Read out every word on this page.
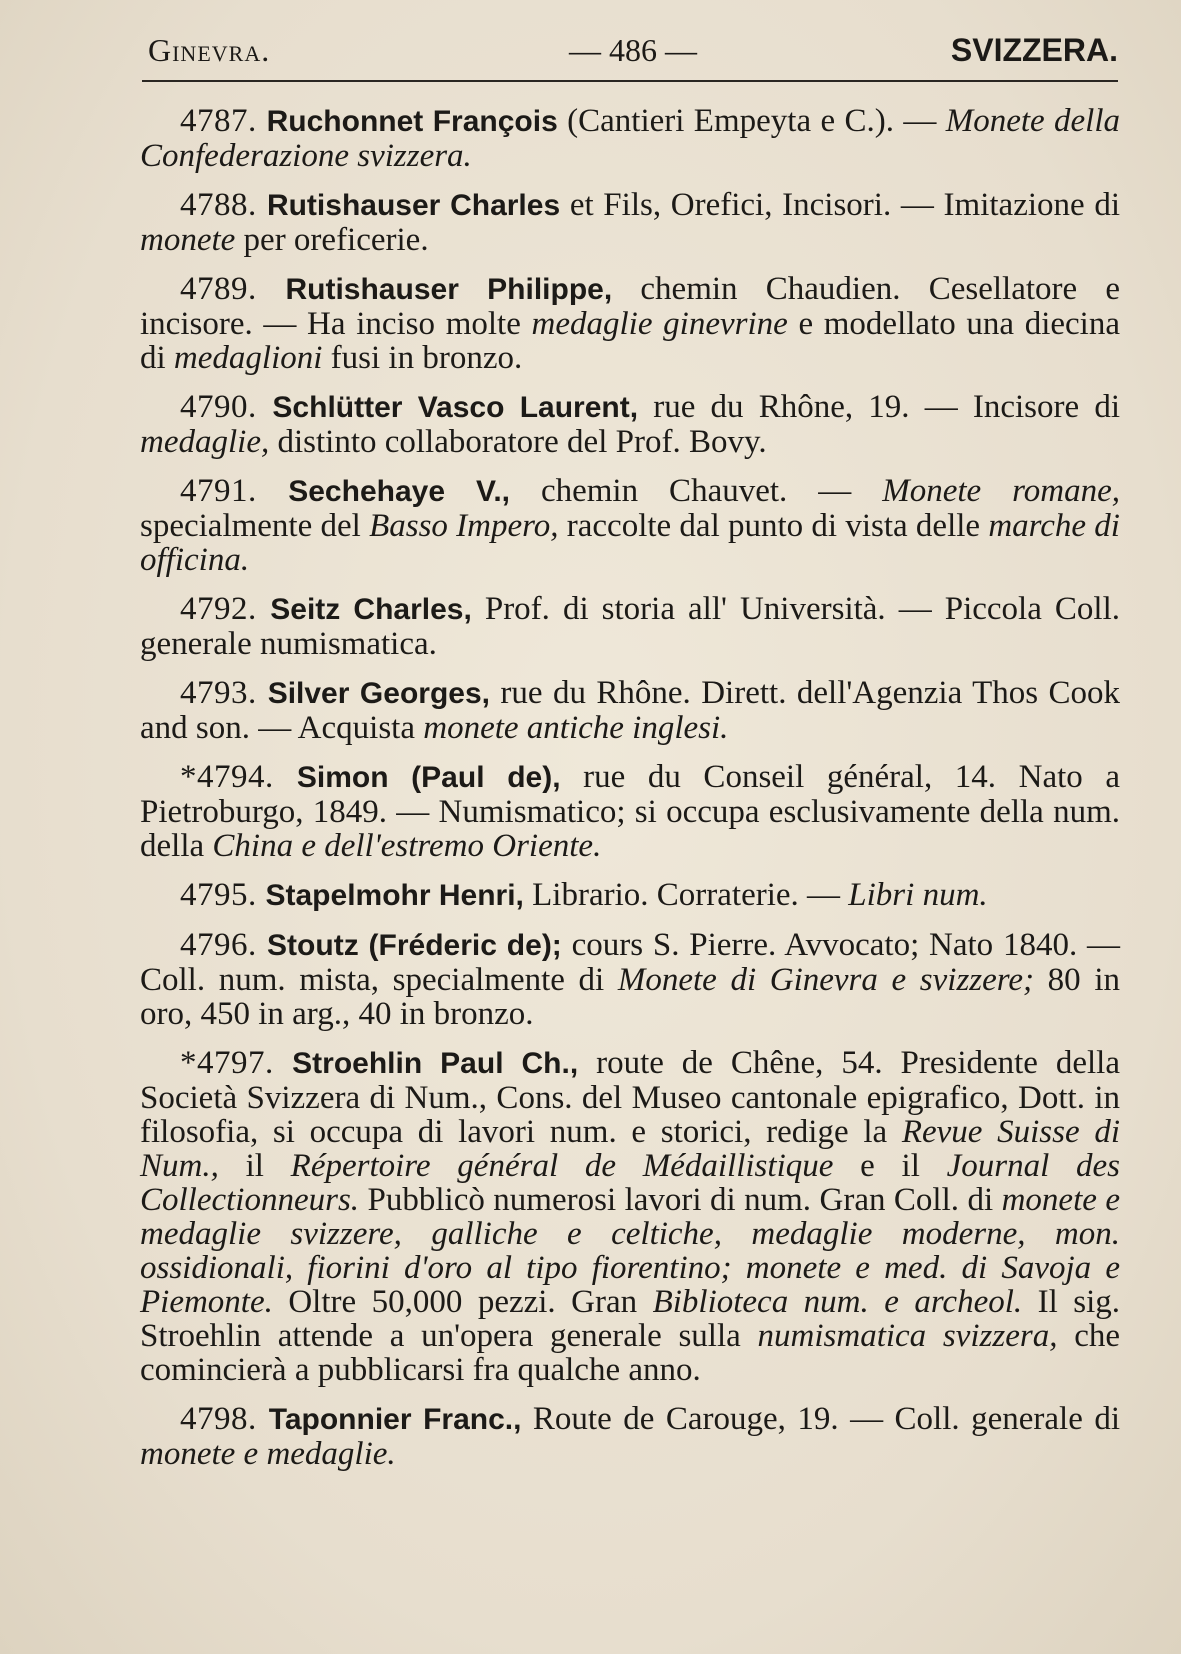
Ginevra.	— 486 —	SVIZZERA.

4787. Ruchonnet François (Cantieri Empeyta e C.). — Monete della Confederazione svizzera.

4788. Rutishauser Charles et Fils, Orefici, Incisori. — Imitazione di monete per oreficerie.

4789. Rutishauser Philippe, chemin Chaudien. Cesellatore e incisore. — Ha inciso molte medaglie ginevrine e modellato una diecina di medaglioni fusi in bronzo.

4790. Schlütter Vasco Laurent, rue du Rhône, 19. — Incisore di medaglie, distinto collaboratore del Prof. Bovy.

4791. Sechehaye V., chemin Chauvet. — Monete romane, specialmente del Basso Impero, raccolte dal punto di vista delle marche di officina.

4792. Seitz Charles, Prof. di storia all' Università. — Piccola Coll. generale numismatica.

4793. Silver Georges, rue du Rhône. Dirett. dell'Agenzia Thos Cook and son. — Acquista monete antiche inglesi.

*4794. Simon (Paul de), rue du Conseil général, 14. Nato a Pietroburgo, 1849. — Numismatico; si occupa esclusivamente della num. della China e dell'estremo Oriente.

4795. Stapelmohr Henri, Librario. Corraterie. — Libri num.

4796. Stoutz (Fréderic de); cours S. Pierre. Avvocato; Nato 1840. — Coll. num. mista, specialmente di Monete di Ginevra e svizzere; 80 in oro, 450 in arg., 40 in bronzo.

*4797. Stroehlin Paul Ch., route de Chêne, 54. Presidente della Società Svizzera di Num., Cons. del Museo cantonale epigrafico, Dott. in filosofia, si occupa di lavori num. e storici, redige la Revue Suisse di Num., il Répertoire général de Médaillistique e il Journal des Collectionneurs. Pubblicò numerosi lavori di num. Gran Coll. di monete e medaglie svizzere, galliche e celtiche, medaglie moderne, mon. ossidionali, fiorini d'oro al tipo fiorentino; monete e med. di Savoja e Piemonte. Oltre 50,000 pezzi. Gran Biblioteca num. e archeol. Il sig. Stroehlin attende a un'opera generale sulla numismatica svizzera, che comincierà a pubblicarsi fra qualche anno.

4798. Taponnier Franc., Route de Carouge, 19. — Coll. generale di monete e medaglie.
